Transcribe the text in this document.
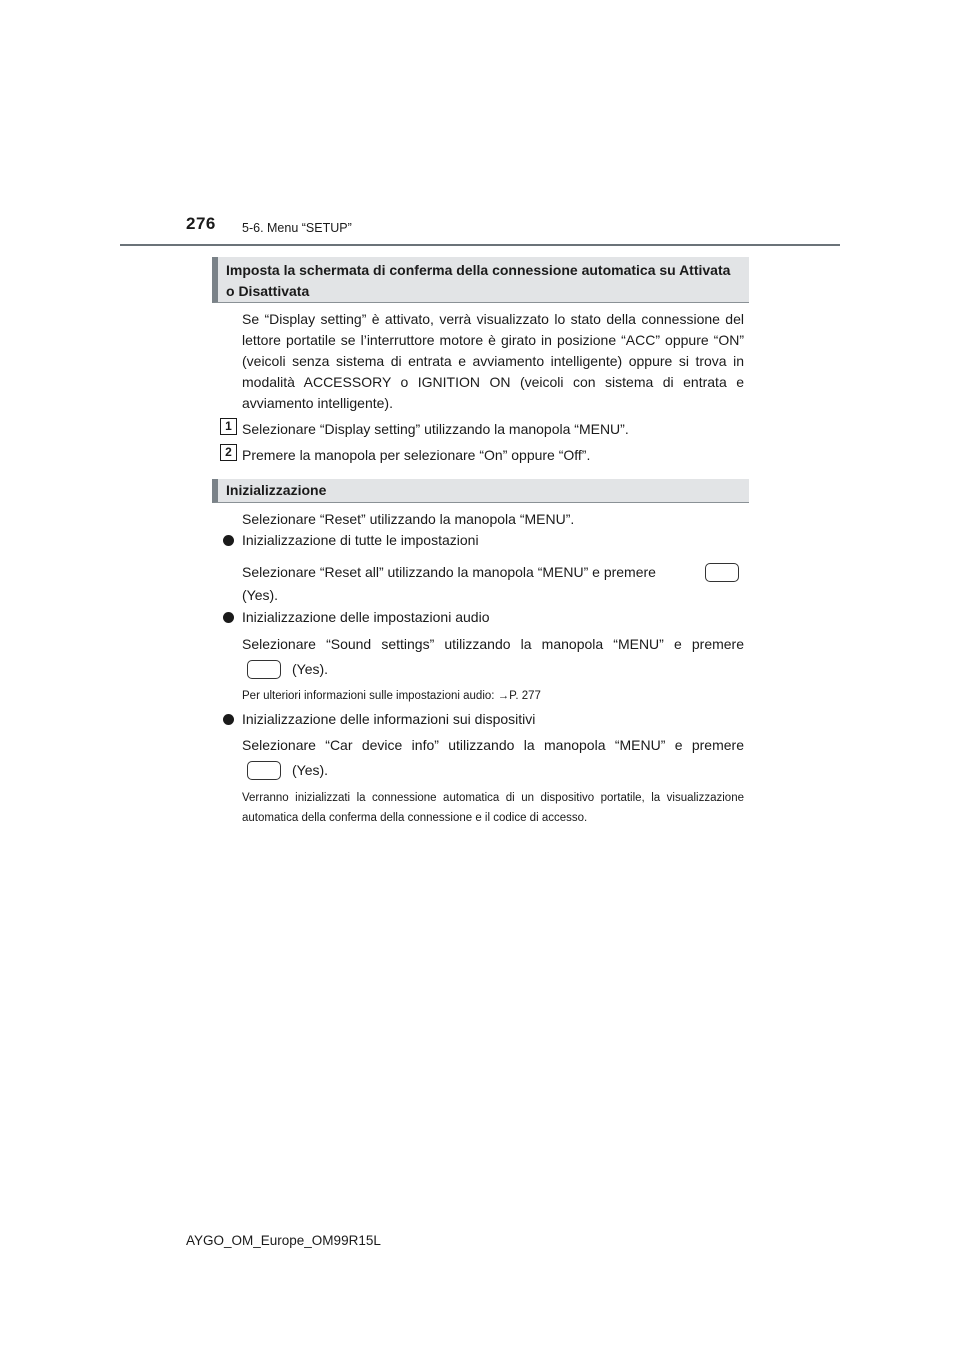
276 5-6. Menu “SETUP”
Imposta la schermata di conferma della connessione automatica su Attivata
o Disattivata
Se “Display setting” è attivato, verrà visualizzato lo stato della connessione del lettore portatile se l’interruttore motore è girato in posizione “ACC” oppure “ON” (veicoli senza sistema di entrata e avviamento intelligente) oppure si trova in modalità ACCESSORY o IGNITION ON (veicoli con sistema di entrata e avviamento intelligente).
1 Selezionare “Display setting” utilizzando la manopola “MENU”.
2 Premere la manopola per selezionare “On” oppure “Off”.
Inizializzazione
Selezionare “Reset” utilizzando la manopola “MENU”.
Inizializzazione di tutte le impostazioni
Selezionare “Reset all” utilizzando la manopola “MENU” e premere
(Yes).
Inizializzazione delle impostazioni audio
Selezionare “Sound settings” utilizzando la manopola “MENU” e premere
(Yes).
Per ulteriori informazioni sulle impostazioni audio: →P. 277
Inizializzazione delle informazioni sui dispositivi
Selezionare “Car device info” utilizzando la manopola “MENU” e premere
(Yes).
Verranno inizializzati la connessione automatica di un dispositivo portatile, la visualizzazione automatica della conferma della connessione e il codice di accesso.
AYGO_OM_Europe_OM99R15L
